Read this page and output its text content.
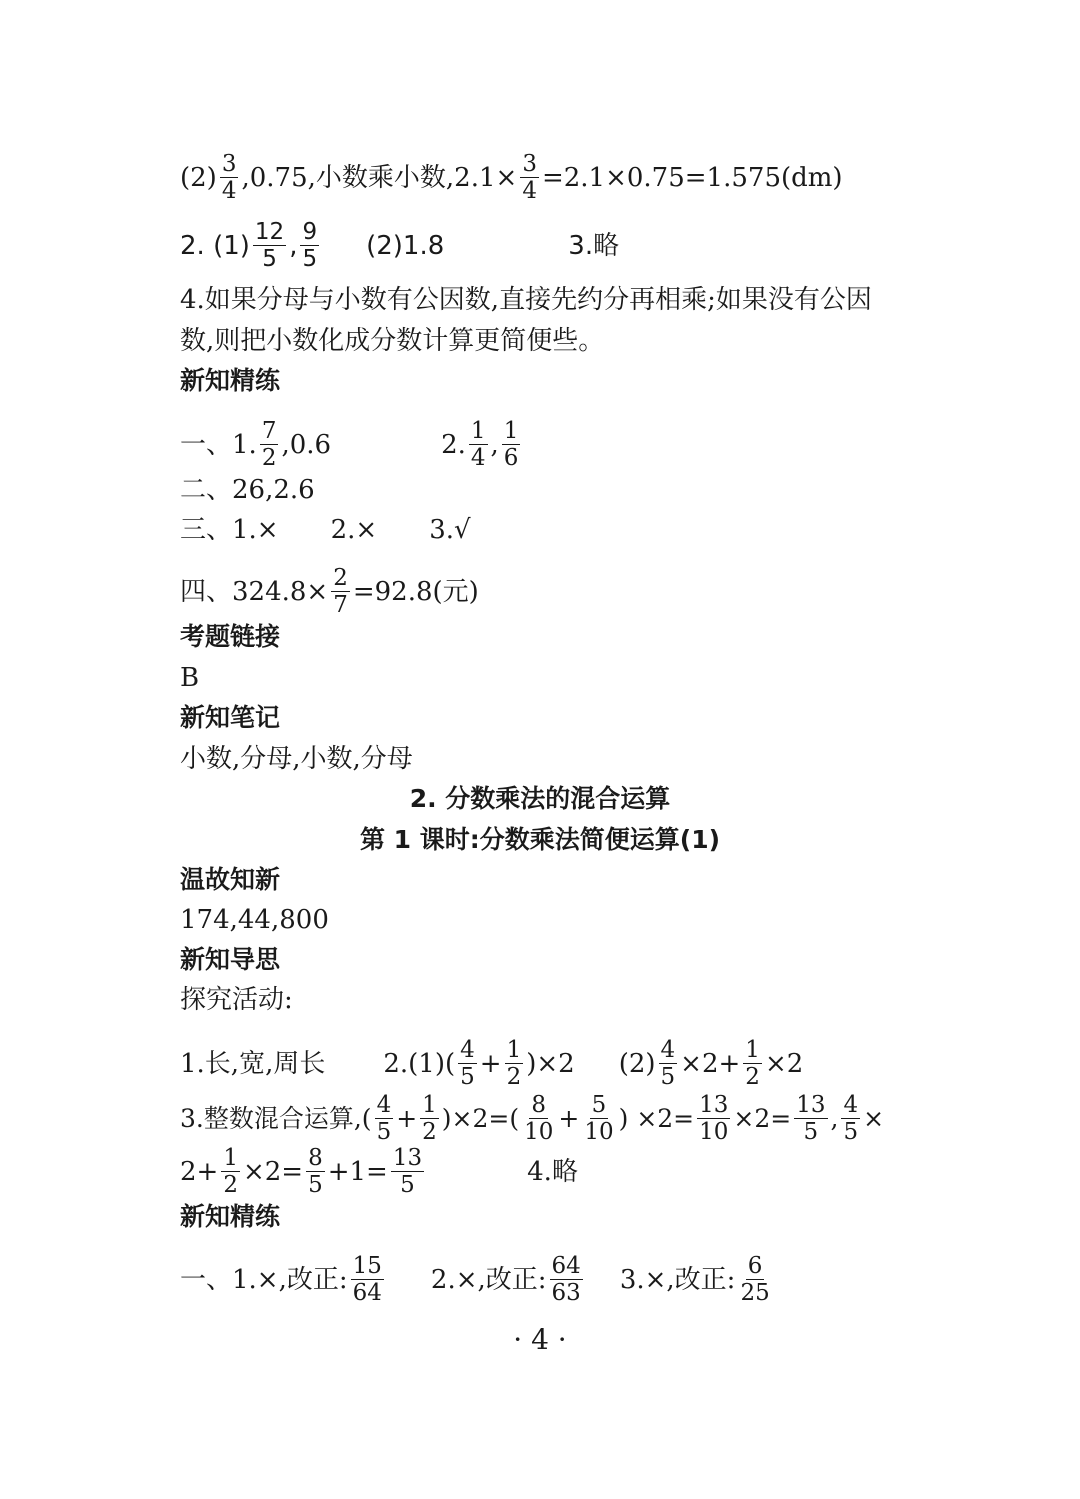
$(2) \frac{3}{4} ,0.75$,小数乘小数$,2.1\times \frac{3}{4} =2.1\times 0.75=1.575(dm)$
2. $(1) \frac{12}{5}$ , $\frac{9}{5} (2)1.8$	3.略
4.如果分母与小数有公因数,直接先约分再相乘;如果没有公因
数,则把小数化成分数计算更简便些。
新知精练
一、1. $\frac{7}{2} ,0.6$	2. $\frac{1}{4}$ , $\frac{1}{6}$
二、26,2.6
三、1.× 2.× 3.√
四、$324.8\times \frac{2}{7} =92.8$(元)
考题链接
B
新知笔记
小数,分母,小数,分母
2. 分数乘法的混合运算
第 1 课时:分数乘法简便运算(1)
温故知新
174,44,800
新知导思
探究活动:
1.长,宽,周长 $2.(1)( \frac{4}{5} + \frac{1}{2} )\times 2$ $(2) \frac{4}{5} \times 2+ \frac{1}{2} \times 2$
3.整数混合运算,( $\frac{4}{5} + \frac{1}{2} )\times 2=( \frac{8}{10} + \frac{5}{10}$ ) $\times 2= \frac{13}{10} \times 2= \frac{13}{5}$ , $\frac{4}{5}$ ×
$2+ \frac{1}{2} \times 2= \frac{8}{5} +1= \frac{13}{5}$	4.略
新知精练
一、1.×,改正: $\frac{15}{64} 2.\times$,改正: $\frac{64}{63} 3.\times$,改正: $\frac{6}{25}$
· 4 ·
